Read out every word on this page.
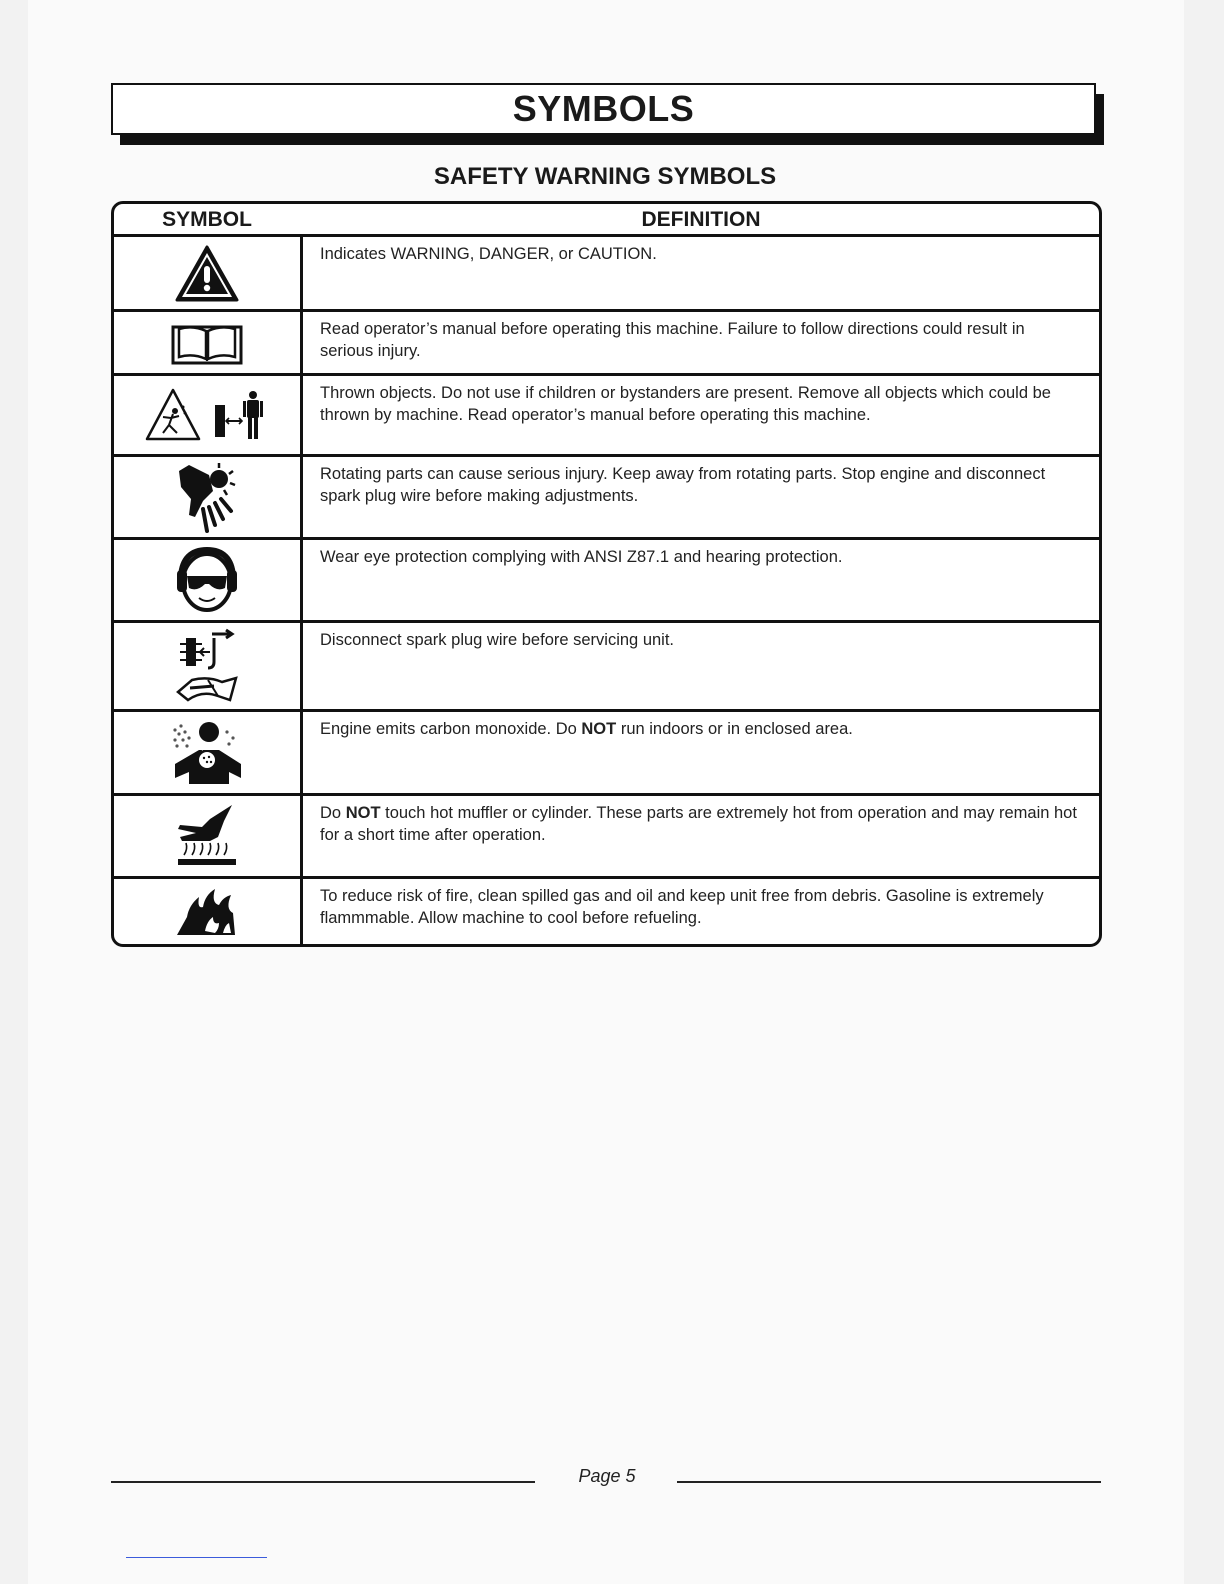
SYMBOLS
SAFETY WARNING SYMBOLS
SYMBOL	DEFINITION
Indicates WARNING, DANGER, or CAUTION.
Read operator’s manual before operating this machine. Failure to follow directions could result in serious injury.
Thrown objects. Do not use if children or bystanders are present. Remove all objects which could be thrown by machine. Read operator’s manual before operating this machine.
Rotating parts can cause serious injury. Keep away from rotating parts. Stop engine and disconnect spark plug wire before making adjustments.
Wear eye protection complying with ANSI Z87.1 and hearing protection.
Disconnect spark plug wire before servicing unit.
Engine emits carbon monoxide. Do NOT run indoors or in enclosed area.
Do NOT touch hot muffler or cylinder. These parts are extremely hot from operation and may remain hot for a short time after operation.
To reduce risk of fire, clean spilled gas and oil and keep unit free from debris. Gasoline is extremely flammmable. Allow machine to cool before refueling.
Page 5
